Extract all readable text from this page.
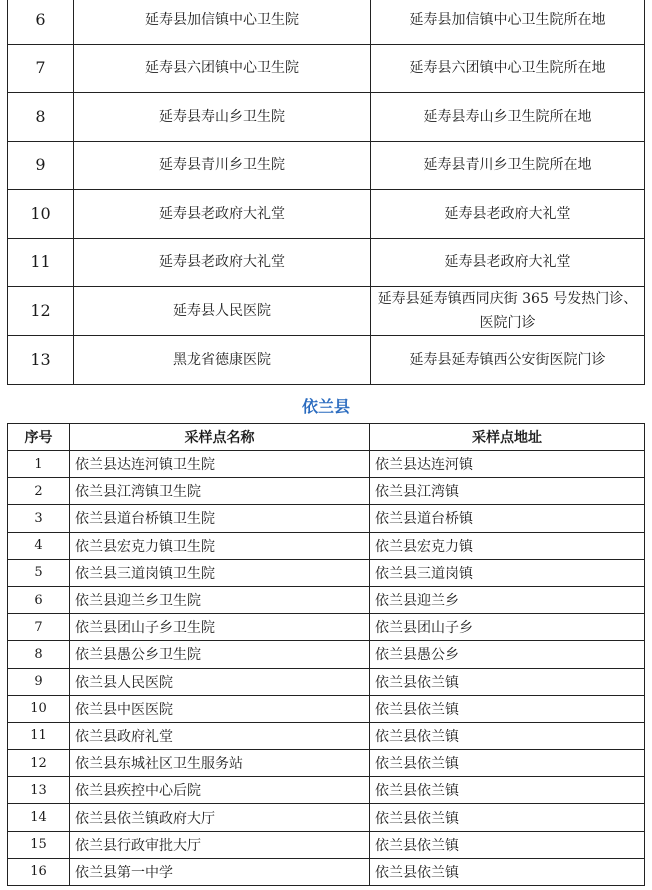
6	延寿县加信镇中心卫生院	延寿县加信镇中心卫生院所在地
7	延寿县六团镇中心卫生院	延寿县六团镇中心卫生院所在地
8	延寿县寿山乡卫生院	延寿县寿山乡卫生院所在地
9	延寿县青川乡卫生院	延寿县青川乡卫生院所在地
10	延寿县老政府大礼堂	延寿县老政府大礼堂
11	延寿县老政府大礼堂	延寿县老政府大礼堂
12	延寿县人民医院	延寿县延寿镇西同庆街 365 号发热门诊、医院门诊
13	黑龙省德康医院	延寿县延寿镇西公安街医院门诊
依兰县
序号	采样点名称	采样点地址
1	依兰县达连河镇卫生院	依兰县达连河镇
2	依兰县江湾镇卫生院	依兰县江湾镇
3	依兰县道台桥镇卫生院	依兰县道台桥镇
4	依兰县宏克力镇卫生院	依兰县宏克力镇
5	依兰县三道岗镇卫生院	依兰县三道岗镇
6	依兰县迎兰乡卫生院	依兰县迎兰乡
7	依兰县团山子乡卫生院	依兰县团山子乡
8	依兰县愚公乡卫生院	依兰县愚公乡
9	依兰县人民医院	依兰县依兰镇
10	依兰县中医医院	依兰县依兰镇
11	依兰县政府礼堂	依兰县依兰镇
12	依兰县东城社区卫生服务站	依兰县依兰镇
13	依兰县疾控中心后院	依兰县依兰镇
14	依兰县依兰镇政府大厅	依兰县依兰镇
15	依兰县行政审批大厅	依兰县依兰镇
16	依兰县第一中学	依兰县依兰镇
